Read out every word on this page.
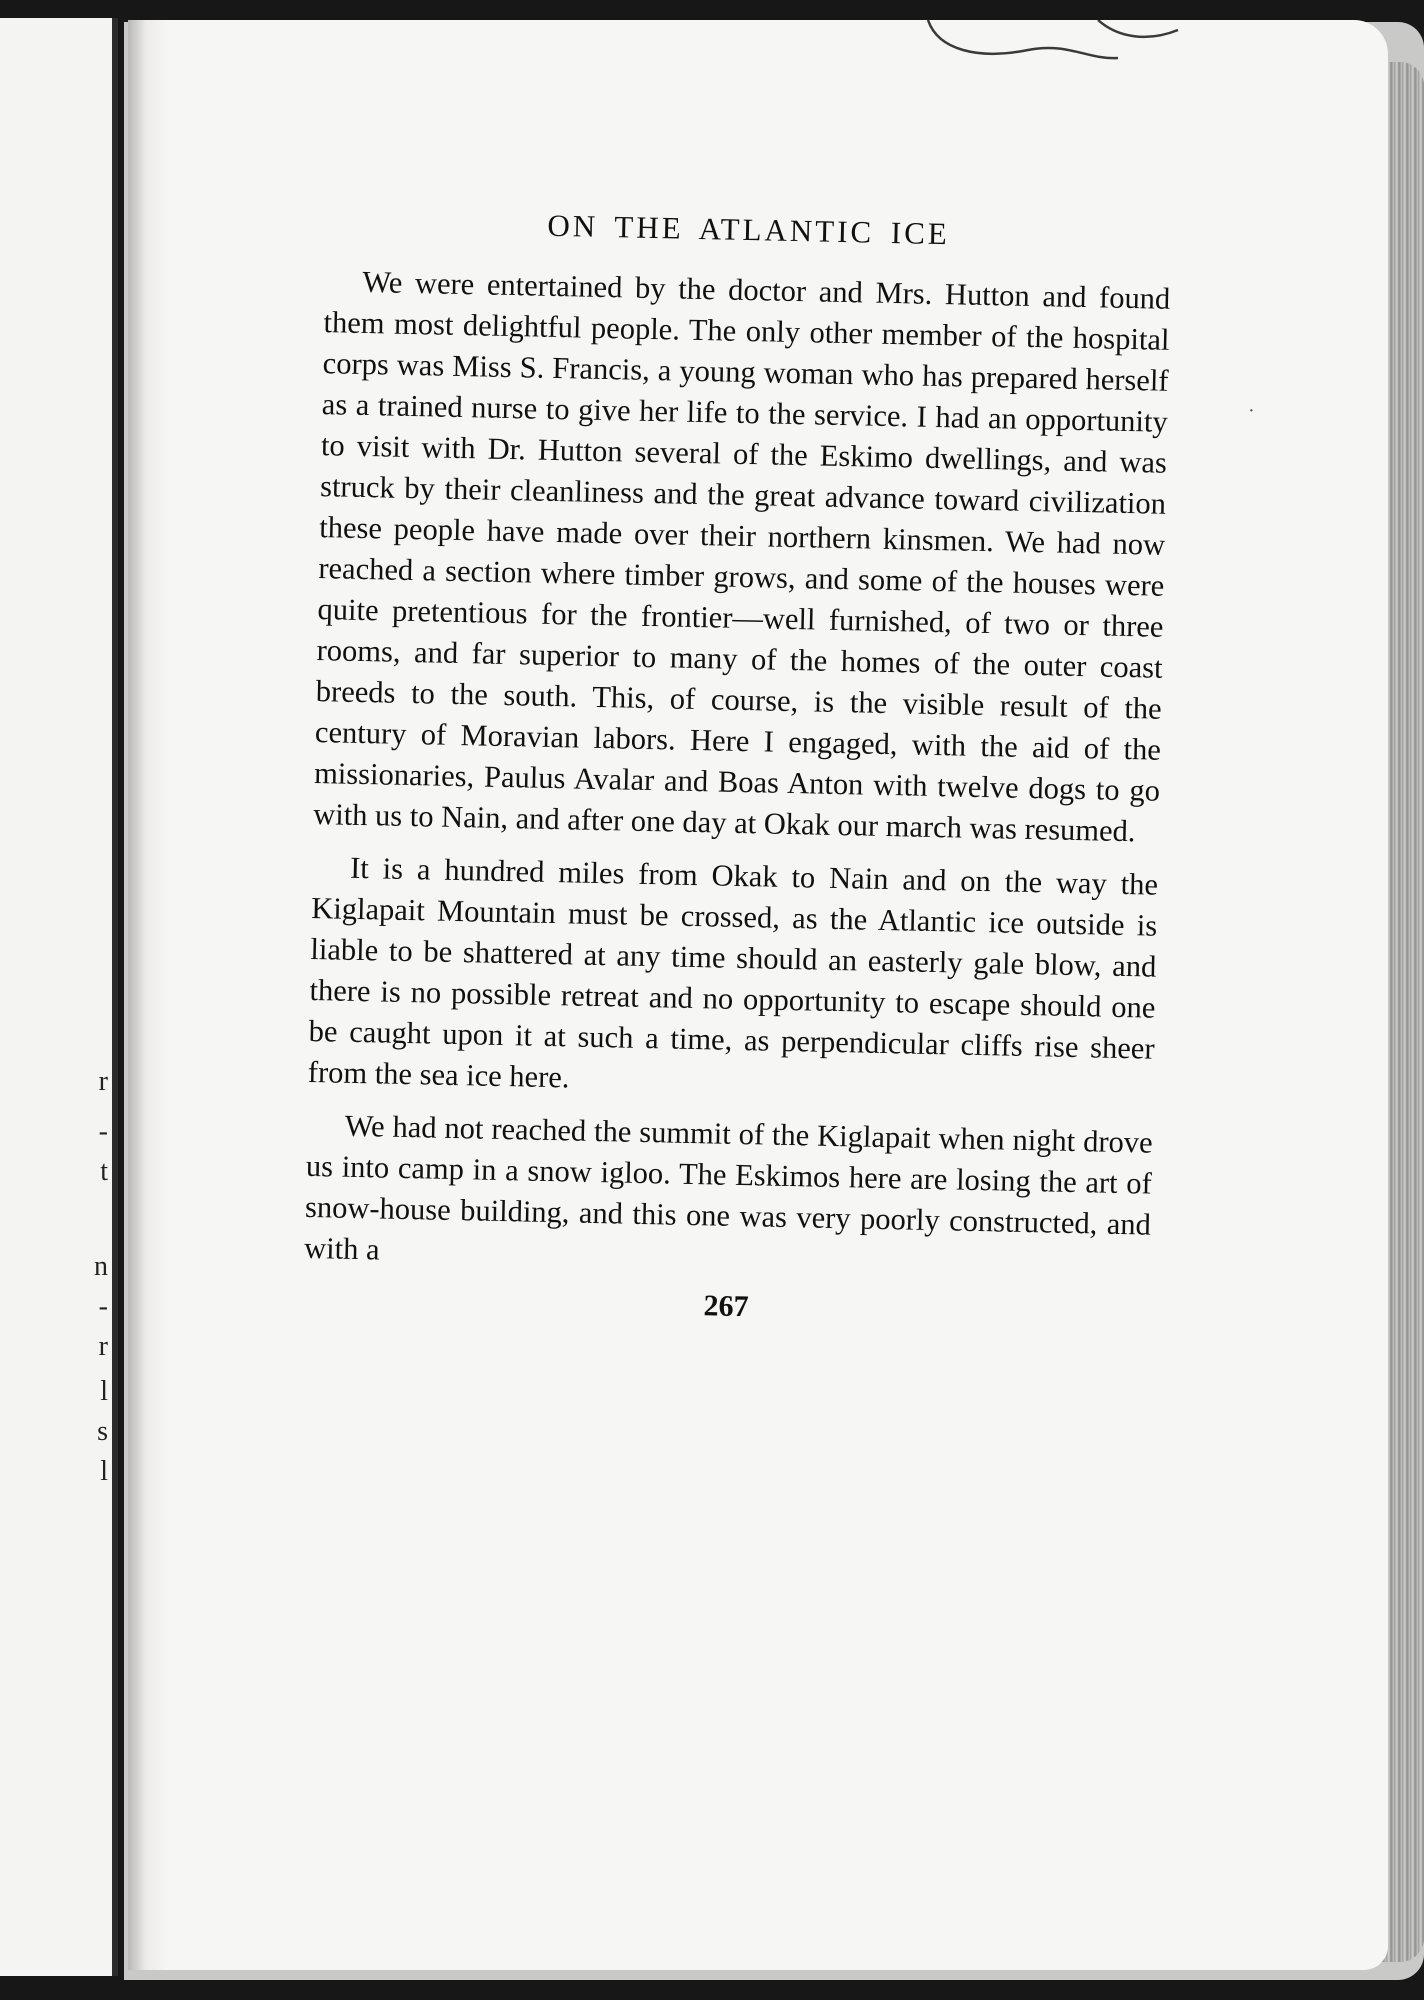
r
-
t
n
-
r
l
s
l
·
ON THE ATLANTIC ICE

We were entertained by the doctor and Mrs. Hutton and found them most delightful people. The only other member of the hospital corps was Miss S. Francis, a young woman who has prepared herself as a trained nurse to give her life to the service. I had an opportunity to visit with Dr. Hutton several of the Eskimo dwellings, and was struck by their cleanliness and the great advance toward civilization these people have made over their northern kinsmen. We had now reached a section where timber grows, and some of the houses were quite pretentious for the frontier—well furnished, of two or three rooms, and far superior to many of the homes of the outer coast breeds to the south. This, of course, is the visible result of the century of Moravian labors. Here I engaged, with the aid of the missionaries, Paulus Avalar and Boas Anton with twelve dogs to go with us to Nain, and after one day at Okak our march was resumed.

It is a hundred miles from Okak to Nain and on the way the Kiglapait Mountain must be crossed, as the Atlantic ice outside is liable to be shattered at any time should an easterly gale blow, and there is no possible retreat and no opportunity to escape should one be caught upon it at such a time, as perpendicular cliffs rise sheer from the sea ice here.

We had not reached the summit of the Kiglapait when night drove us into camp in a snow igloo. The Eskimos here are losing the art of snow-house building, and this one was very poorly constructed, and with a

267
